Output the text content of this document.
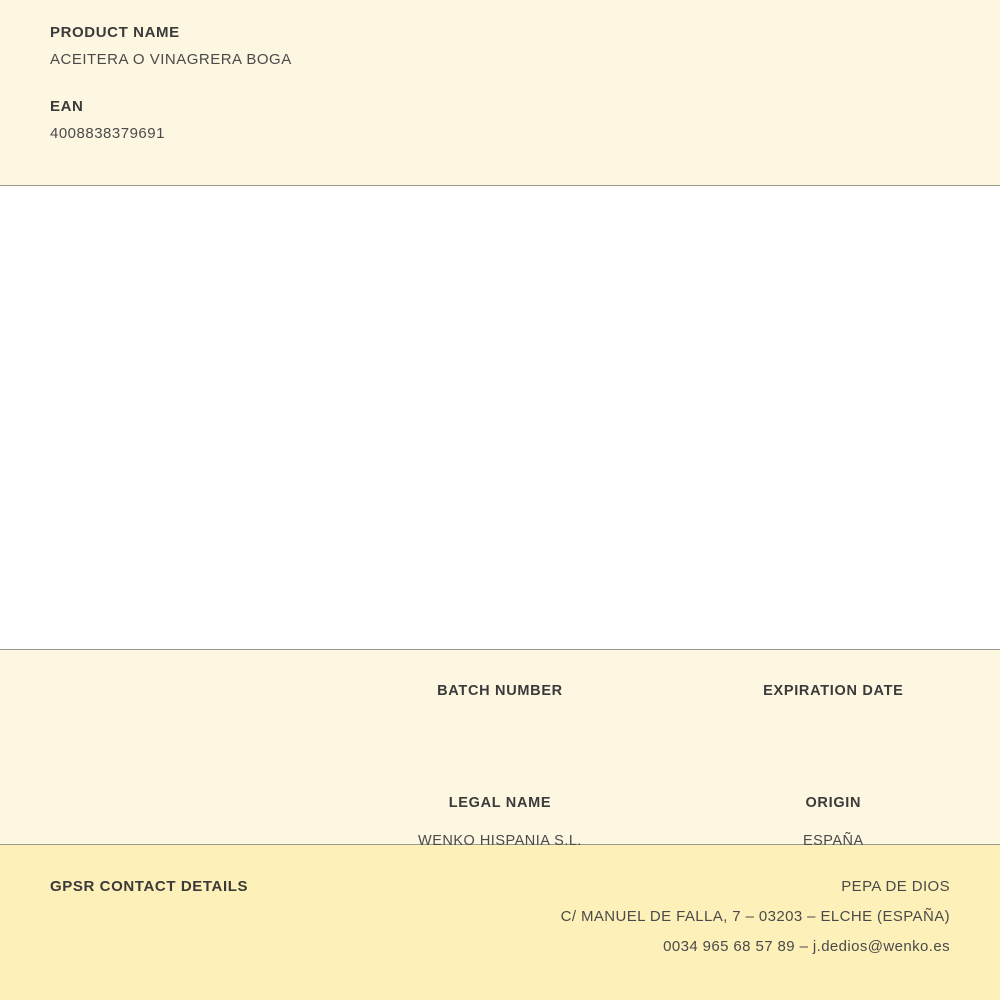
PRODUCT NAME

ACEITERA O VINAGRERA BOGA

EAN

4008838379691

BATCH NUMBER	EXPIRATION DATE

LEGAL NAME

WENKO HISPANIA S.L.

ORIGIN

ESPAÑA

GPSR CONTACT DETAILS	PEPA DE DIOS

C/ MANUEL DE FALLA, 7 – 03203 – ELCHE (ESPAÑA)

0034 965 68 57 89 – j.dedios@wenko.es
